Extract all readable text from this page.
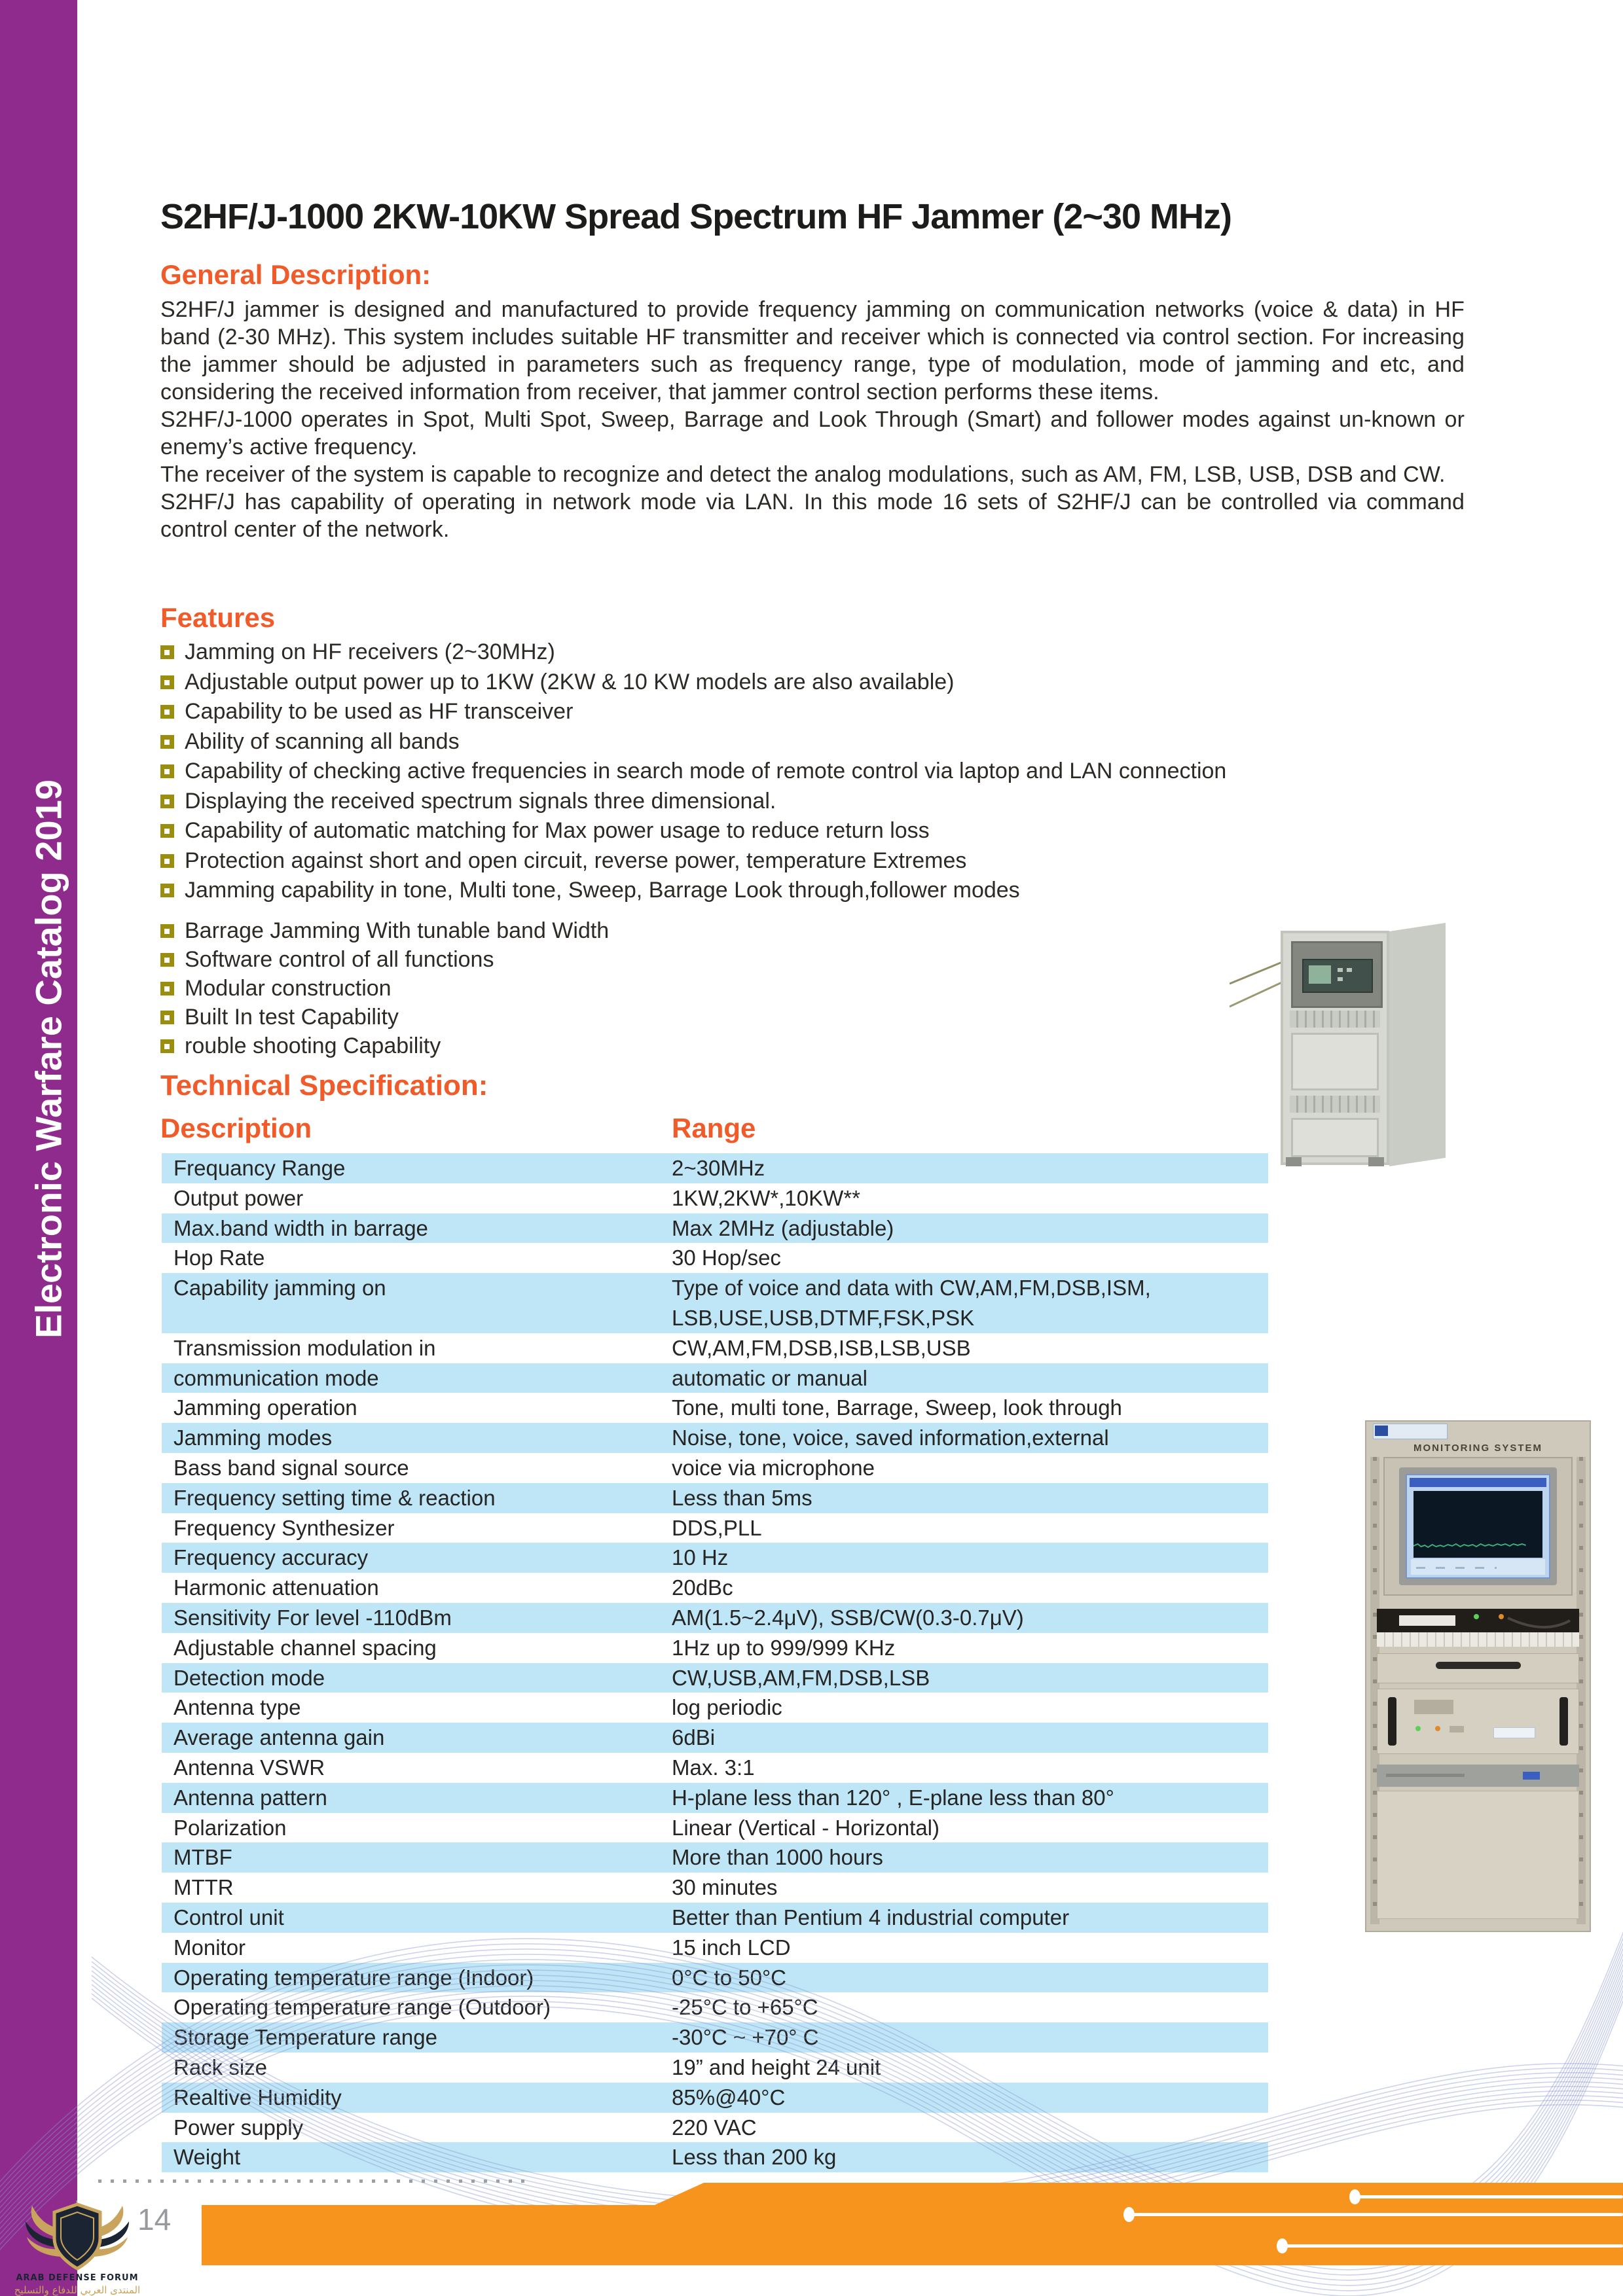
Electronic Warfare Catalog 2019
S2HF/J-1000 2KW-10KW Spread Spectrum HF Jammer (2~30 MHz)
General Description:

S2HF/J jammer is designed and manufactured to provide frequency jamming on communication networks (voice & data) in HF band (2-30 MHz). This system includes suitable HF transmitter and receiver which is connected via control section. For increasing the jammer should be adjusted in parameters such as frequency range, type of modulation, mode of jamming and etc, and considering the received information from receiver, that jammer control section performs these items.

S2HF/J-1000 operates in Spot, Multi Spot, Sweep, Barrage and Look Through (Smart) and follower modes against un-known or enemy’s active frequency.

The receiver of the system is capable to recognize and detect the analog modulations, such as AM, FM, LSB, USB, DSB and CW.

S2HF/J has capability of operating in network mode via LAN. In this mode 16 sets of S2HF/J can be controlled via command control center of the network.

Features
Jamming on HF receivers (2~30MHz)
Adjustable output power up to 1KW (2KW & 10 KW models are also available)
Capability to be used as HF transceiver
Ability of scanning all bands
Capability of checking active frequencies in search mode of remote control via laptop and LAN connection
Displaying the received spectrum signals three dimensional.
Capability of automatic matching for Max power usage to reduce return loss
Protection against short and open circuit, reverse power, temperature Extremes
Jamming capability in tone, Multi tone, Sweep, Barrage Look through,follower modes
Barrage Jamming With tunable band Width
Software control of all functions
Modular construction
Built In test Capability
rouble shooting Capability
Technical Specification:
Description	Range
Frequancy Range	2~30MHz
Output power	1KW,2KW*,10KW**
Max.band width in barrage	Max 2MHz (adjustable)
Hop Rate	30 Hop/sec
Capability jamming on	Type of voice and data with CW,AM,FM,DSB,ISM,
LSB,USE,USB,DTMF,FSK,PSK
Transmission modulation in	CW,AM,FM,DSB,ISB,LSB,USB
communication mode	automatic or manual
Jamming operation	Tone, multi tone, Barrage, Sweep, look through
Jamming modes	Noise, tone, voice, saved information,external
Bass band signal source	voice via microphone
Frequency setting time & reaction	Less than 5ms
Frequency Synthesizer	DDS,PLL
Frequency accuracy	10 Hz
Harmonic attenuation	20dBc
Sensitivity For level -110dBm	AM(1.5~2.4μV), SSB/CW(0.3-0.7μV)
Adjustable channel spacing	1Hz up to 999/999 KHz
Detection mode	CW,USB,AM,FM,DSB,LSB
Antenna type	log periodic
Average antenna gain	6dBi
Antenna VSWR	Max. 3:1
Antenna pattern	H-plane less than 120° , E-plane less than 80°
Polarization	Linear (Vertical - Horizontal)
MTBF	More than 1000 hours
MTTR	30 minutes
Control unit	Better than Pentium 4 industrial computer
Monitor	15 inch LCD
Operating temperature range (Indoor)	0°C to 50°C
Operating temperature range (Outdoor)	-25°C to +65°C
Storage Temperature range	-30°C ~ +70° C
Rack size	19” and height 24 unit
Realtive Humidity	85%@40°C
Power supply	220 VAC
Weight	Less than 200 kg
MONITORING SYSTEM
14
ARAB DEFENSE FORUM
المنتدى العربي للدفاع والتسليح
